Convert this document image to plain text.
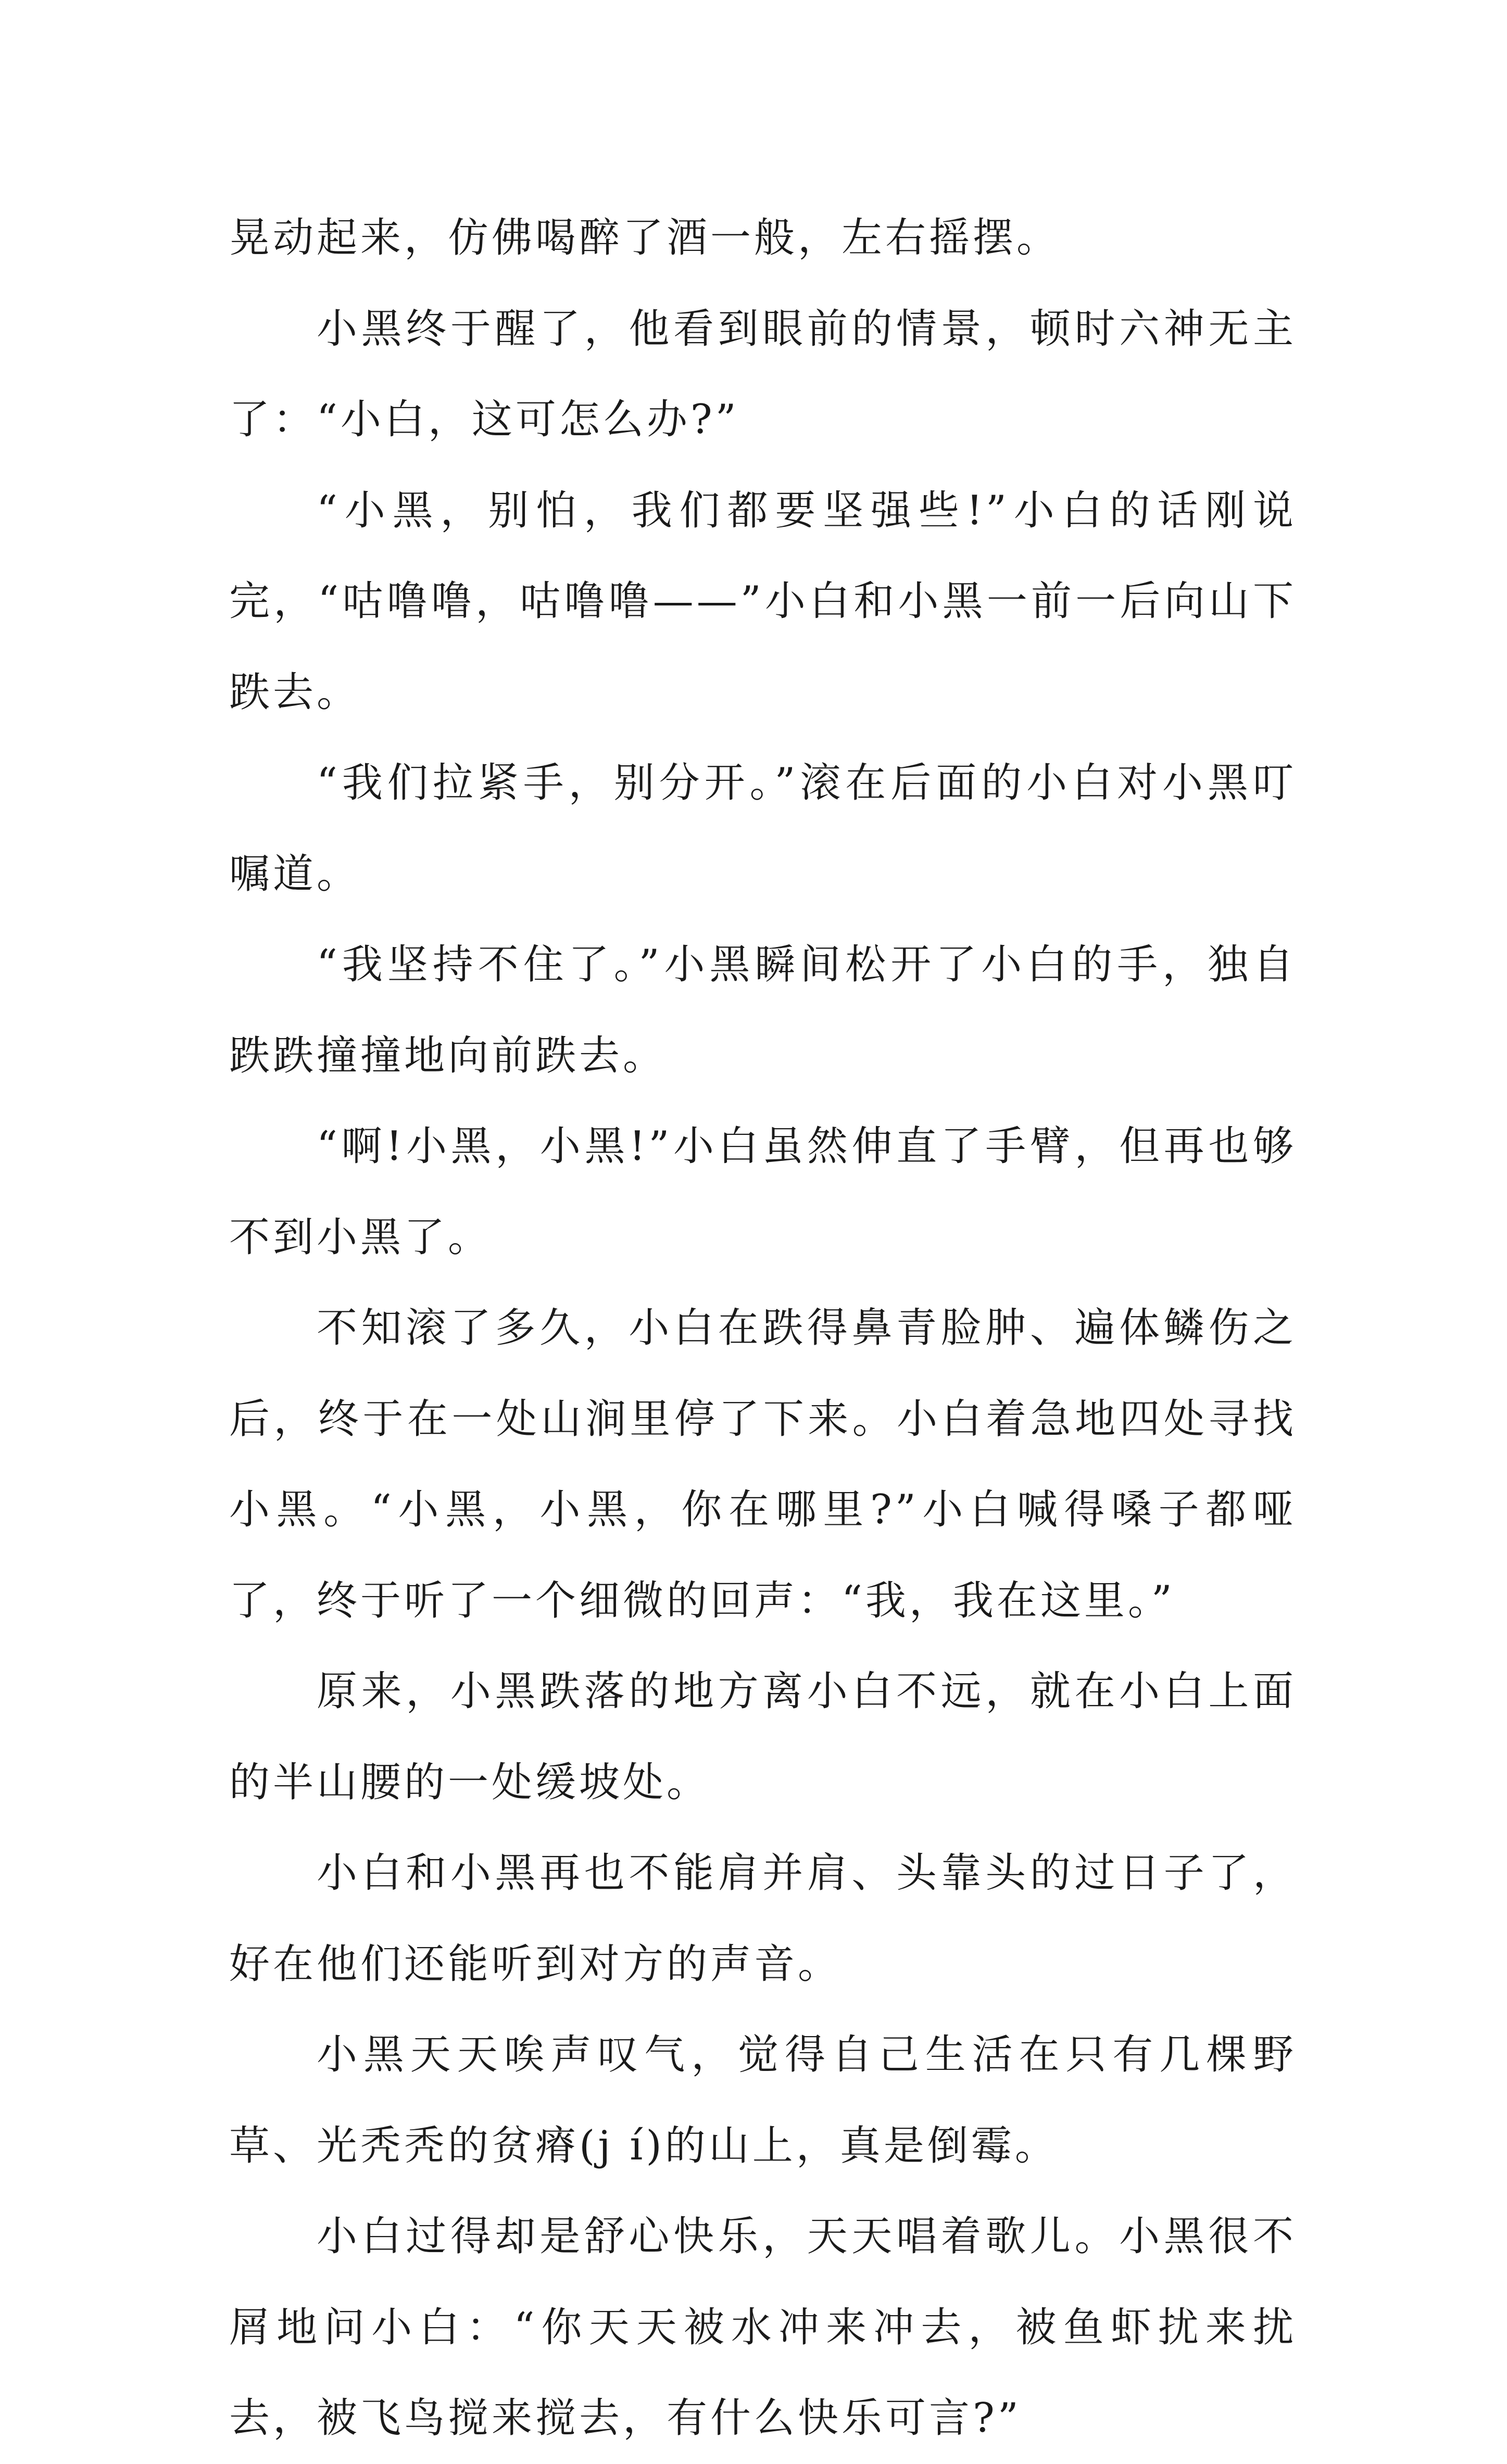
晃动起来，仿佛喝醉了酒一般，左右摇摆。

小黑终于醒了，他看到眼前的情景，顿时六神无主了：“小白，这可怎么办?”

“小黑，别怕，我们都要坚强些!”小白的话刚说完，“咕噜噜，咕噜噜——”小白和小黑一前一后向山下跌去。

“我们拉紧手，别分开。”滚在后面的小白对小黑叮嘱道。

“我坚持不住了。”小黑瞬间松开了小白的手，独自跌跌撞撞地向前跌去。

“啊!小黑，小黑!”小白虽然伸直了手臂，但再也够不到小黑了。

不知滚了多久，小白在跌得鼻青脸肿、遍体鳞伤之后，终于在一处山涧里停了下来。小白着急地四处寻找小黑。“小黑，小黑，你在哪里?”小白喊得嗓子都哑了，终于听了一个细微的回声：“我，我在这里。”

原来，小黑跌落的地方离小白不远，就在小白上面的半山腰的一处缓坡处。

小白和小黑再也不能肩并肩、头靠头的过日子了，好在他们还能听到对方的声音。

小黑天天唉声叹气，觉得自己生活在只有几棵野草、光秃秃的贫瘠(j í)的山上，真是倒霉。

小白过得却是舒心快乐，天天唱着歌儿。小黑很不屑地问小白：“你天天被水冲来冲去，被鱼虾扰来扰去，被飞鸟搅来搅去，有什么快乐可言?”
